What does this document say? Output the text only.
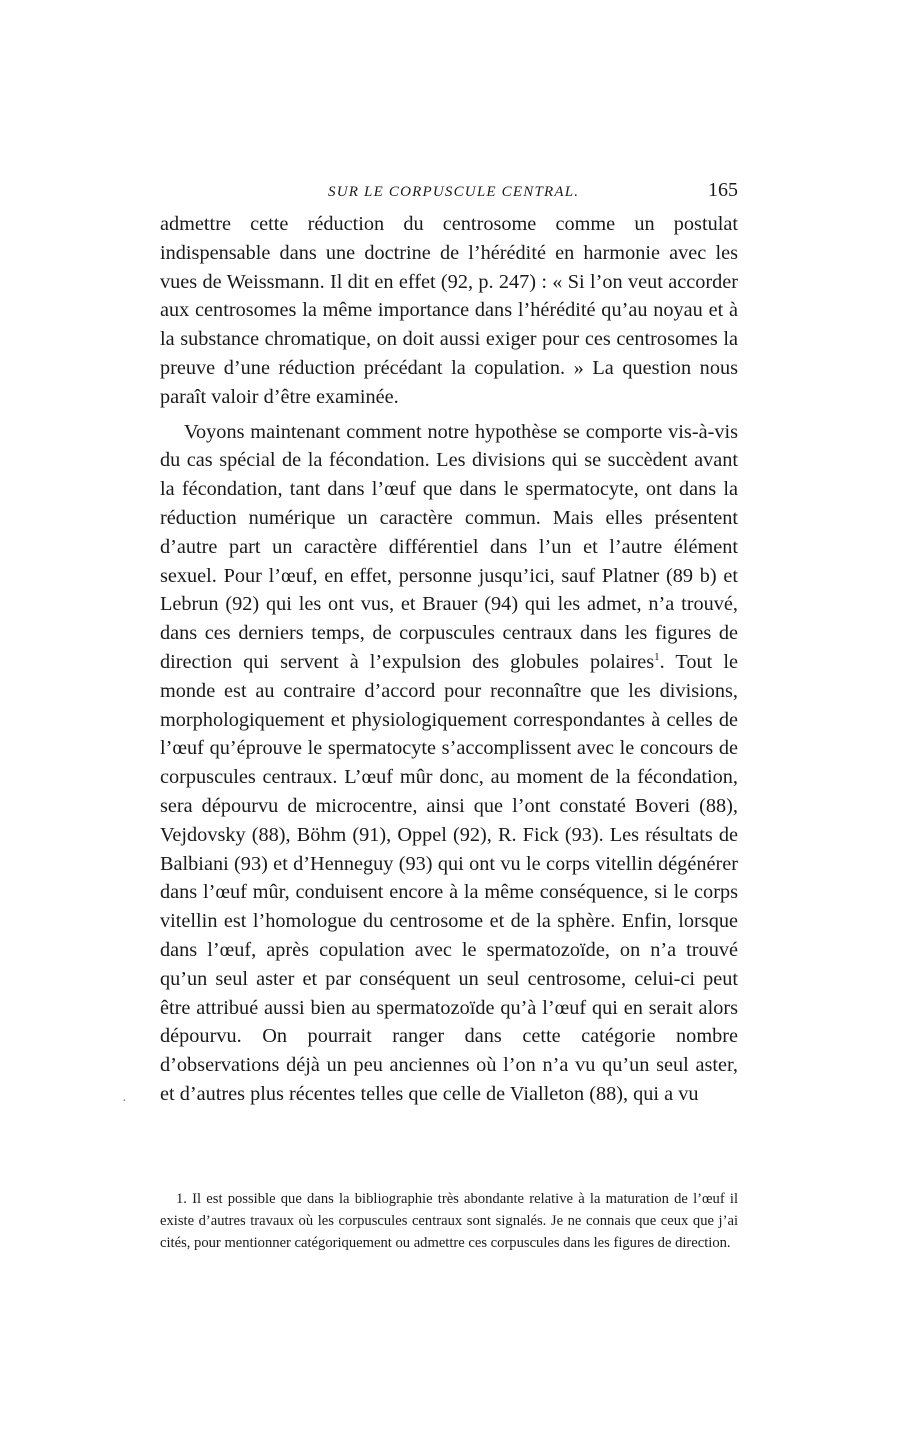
SUR LE CORPUSCULE CENTRAL.	165

admettre cette réduction du centrosome comme un postulat indispensable dans une doctrine de l’hérédité en harmonie avec les vues de Weissmann. Il dit en effet (92, p. 247) : « Si l’on veut accorder aux centrosomes la même importance dans l’hérédité qu’au noyau et à la substance chromatique, on doit aussi exiger pour ces centrosomes la preuve d’une réduction précédant la copulation. » La question nous paraît valoir d’être examinée.

Voyons maintenant comment notre hypothèse se comporte vis-à-vis du cas spécial de la fécondation. Les divisions qui se succèdent avant la fécondation, tant dans l’œuf que dans le spermatocyte, ont dans la réduction numérique un caractère commun. Mais elles présentent d’autre part un caractère différentiel dans l’un et l’autre élément sexuel. Pour l’œuf, en effet, personne jusqu’ici, sauf Platner (89 b) et Lebrun (92) qui les ont vus, et Brauer (94) qui les admet, n’a trouvé, dans ces derniers temps, de corpuscules centraux dans les figures de direction qui servent à l’expulsion des globules polaires$^1$. Tout le monde est au contraire d’accord pour reconnaître que les divisions, morphologiquement et physiologiquement correspondantes à celles de l’œuf qu’éprouve le spermatocyte s’accomplissent avec le concours de corpuscules centraux. L’œuf mûr donc, au moment de la fécondation, sera dépourvu de microcentre, ainsi que l’ont constaté Boveri (88), Vejdovsky (88), Böhm (91), Oppel (92), R. Fick (93). Les résultats de Balbiani (93) et d’Henneguy (93) qui ont vu le corps vitellin dégénérer dans l’œuf mûr, conduisent encore à la même conséquence, si le corps vitellin est l’homologue du centrosome et de la sphère. Enfin, lorsque dans l’œuf, après copulation avec le spermatozoïde, on n’a trouvé qu’un seul aster et par conséquent un seul centrosome, celui-ci peut être attribué aussi bien au spermatozoïde qu’à l’œuf qui en serait alors dépourvu. On pourrait ranger dans cette catégorie nombre d’observations déjà un peu anciennes où l’on n’a vu qu’un seul aster, et d’autres plus récentes telles que celle de Vialleton (88), qui a vu

·

1. Il est possible que dans la bibliographie très abondante relative à la maturation de l’œuf il existe d’autres travaux où les corpuscules centraux sont signalés. Je ne connais que ceux que j’ai cités, pour mentionner catégoriquement ou admettre ces corpuscules dans les figures de direction.
